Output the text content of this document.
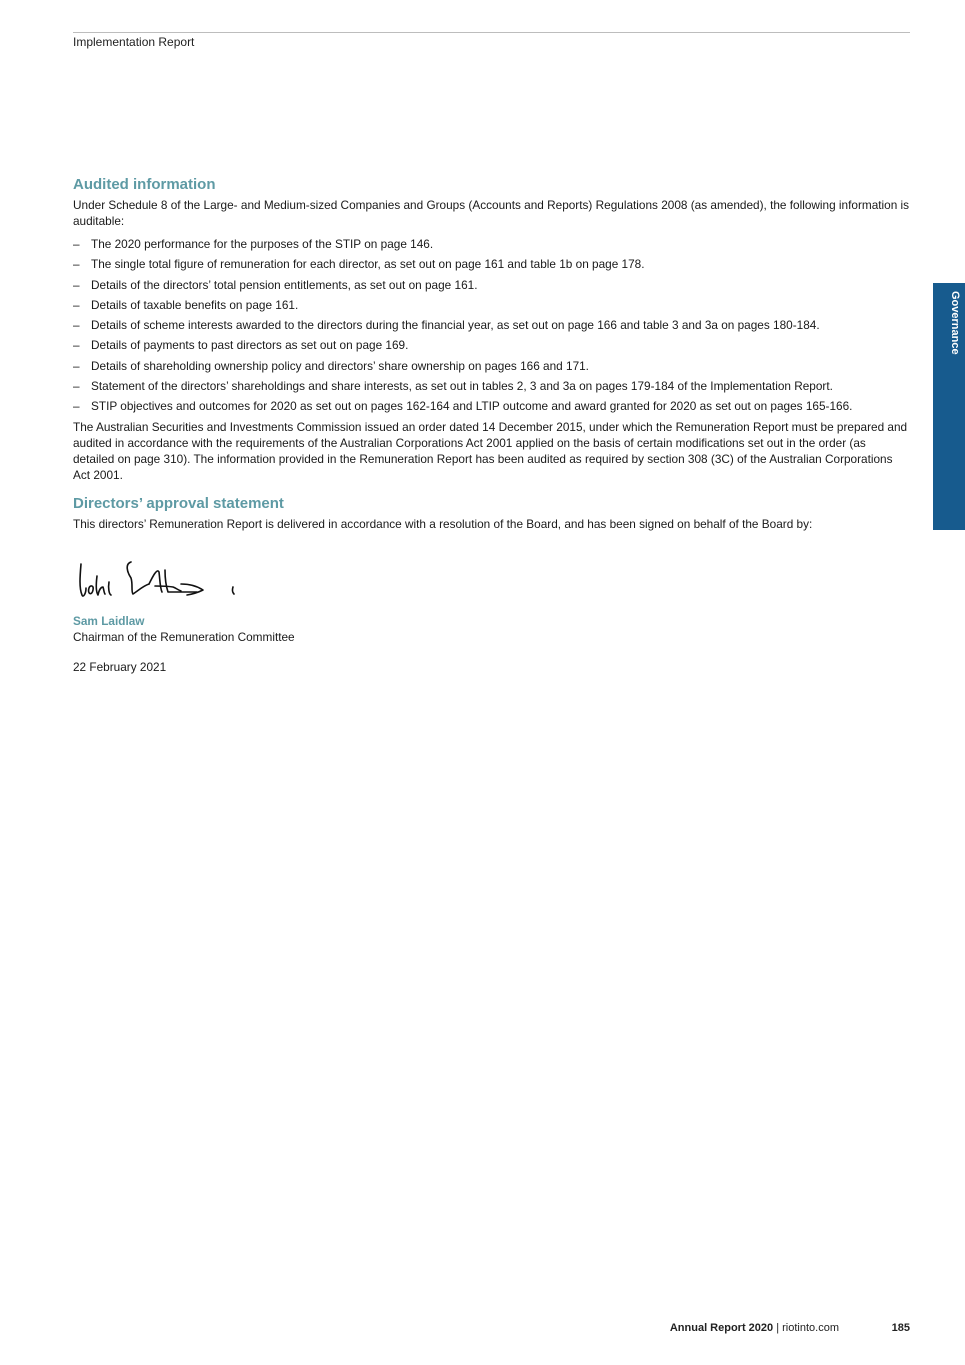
Implementation Report
Governance
Audited information

Under Schedule 8 of the Large- and Medium-sized Companies and Groups (Accounts and Reports) Regulations 2008 (as amended), the following information is auditable:

– The 2020 performance for the purposes of the STIP on page 146.
– The single total figure of remuneration for each director, as set out on page 161 and table 1b on page 178.
– Details of the directors’ total pension entitlements, as set out on page 161.
– Details of taxable benefits on page 161.
– Details of scheme interests awarded to the directors during the financial year, as set out on page 166 and table 3 and 3a on pages 180-184.
– Details of payments to past directors as set out on page 169.
– Details of shareholding ownership policy and directors’ share ownership on pages 166 and 171.
– Statement of the directors’ shareholdings and share interests, as set out in tables 2, 3 and 3a on pages 179-184 of the Implementation Report.
– STIP objectives and outcomes for 2020 as set out on pages 162-164 and LTIP outcome and award granted for 2020 as set out on pages 165-166.

The Australian Securities and Investments Commission issued an order dated 14 December 2015, under which the Remuneration Report must be prepared and audited in accordance with the requirements of the Australian Corporations Act 2001 applied on the basis of certain modifications set out in the order (as detailed on page 310). The information provided in the Remuneration Report has been audited as required by section 308 (3C) of the Australian Corporations Act 2001.

Directors’ approval statement

This directors’ Remuneration Report is delivered in accordance with a resolution of the Board, and has been signed on behalf of the Board by:

Sam Laidlaw
Chairman of the Remuneration Committee
22 February 2021
Annual Report 2020 | riotinto.com	185
